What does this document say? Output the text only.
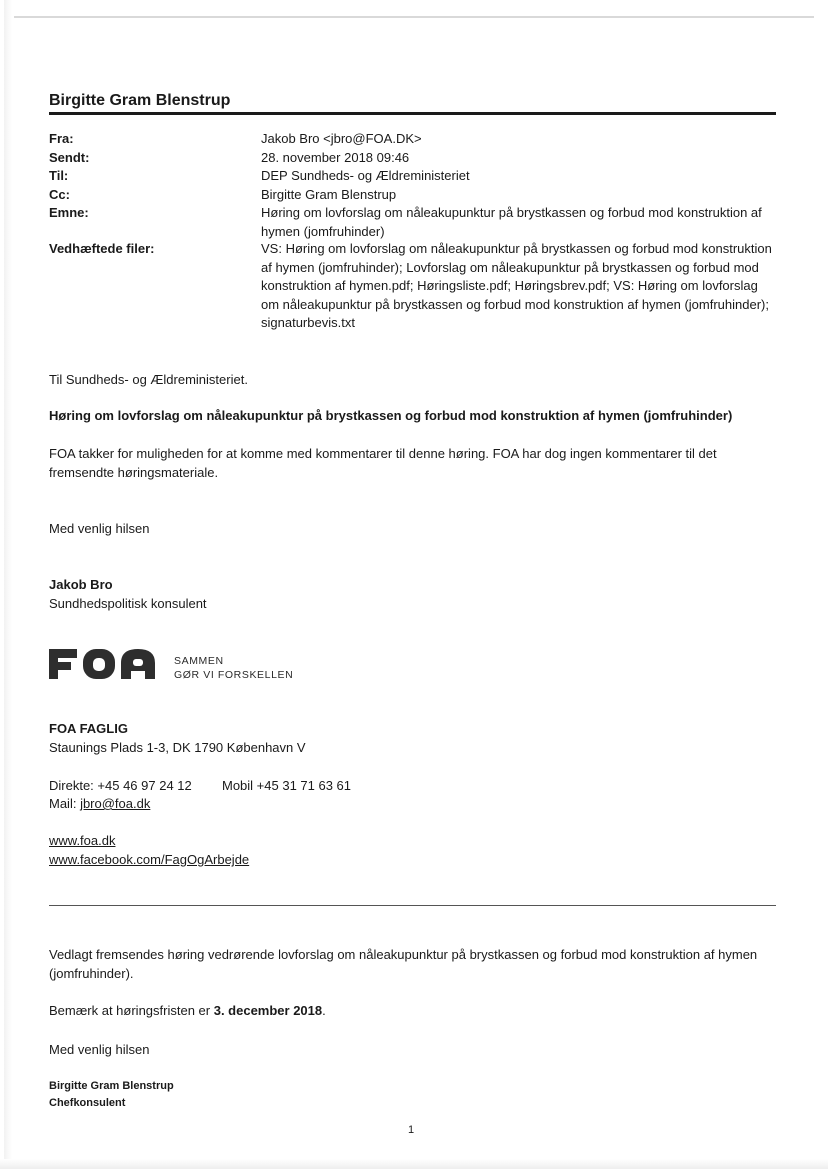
Birgitte Gram Blenstrup
Fra:	Jakob Bro <jbro@FOA.DK>
Sendt:	28. november 2018 09:46
Til:	DEP Sundheds- og Ældreministeriet
Cc:	Birgitte Gram Blenstrup
Emne:	Høring om lovforslag om nåleakupunktur på brystkassen og forbud mod konstruktion af hymen (jomfruhinder)
Vedhæftede filer:	VS: Høring om lovforslag om nåleakupunktur på brystkassen og forbud mod konstruktion af hymen (jomfruhinder); Lovforslag om nåleakupunktur på brystkassen og forbud mod konstruktion af hymen.pdf; Høringsliste.pdf; Høringsbrev.pdf; VS: Høring om lovforslag om nåleakupunktur på brystkassen og forbud mod konstruktion af hymen (jomfruhinder); signaturbevis.txt
Til Sundheds- og Ældreministeriet.
Høring om lovforslag om nåleakupunktur på brystkassen og forbud mod konstruktion af hymen (jomfruhinder)
FOA takker for muligheden for at komme med kommentarer til denne høring. FOA har dog ingen kommentarer til det fremsendte høringsmateriale.
Med venlig hilsen
Jakob Bro
Sundhedspolitisk konsulent
SAMMEN
GØR VI FORSKELLEN
FOA FAGLIG
Staunings Plads 1-3, DK 1790 København V
Direkte: +45 46 97 24 12 Mobil +45 31 71 63 61
Mail: jbro@foa.dk
www.foa.dk
www.facebook.com/FagOgArbejde
Vedlagt fremsendes høring vedrørende lovforslag om nåleakupunktur på brystkassen og forbud mod konstruktion af hymen (jomfruhinder).
Bemærk at høringsfristen er 3. december 2018.
Med venlig hilsen
Birgitte Gram Blenstrup
Chefkonsulent
1
